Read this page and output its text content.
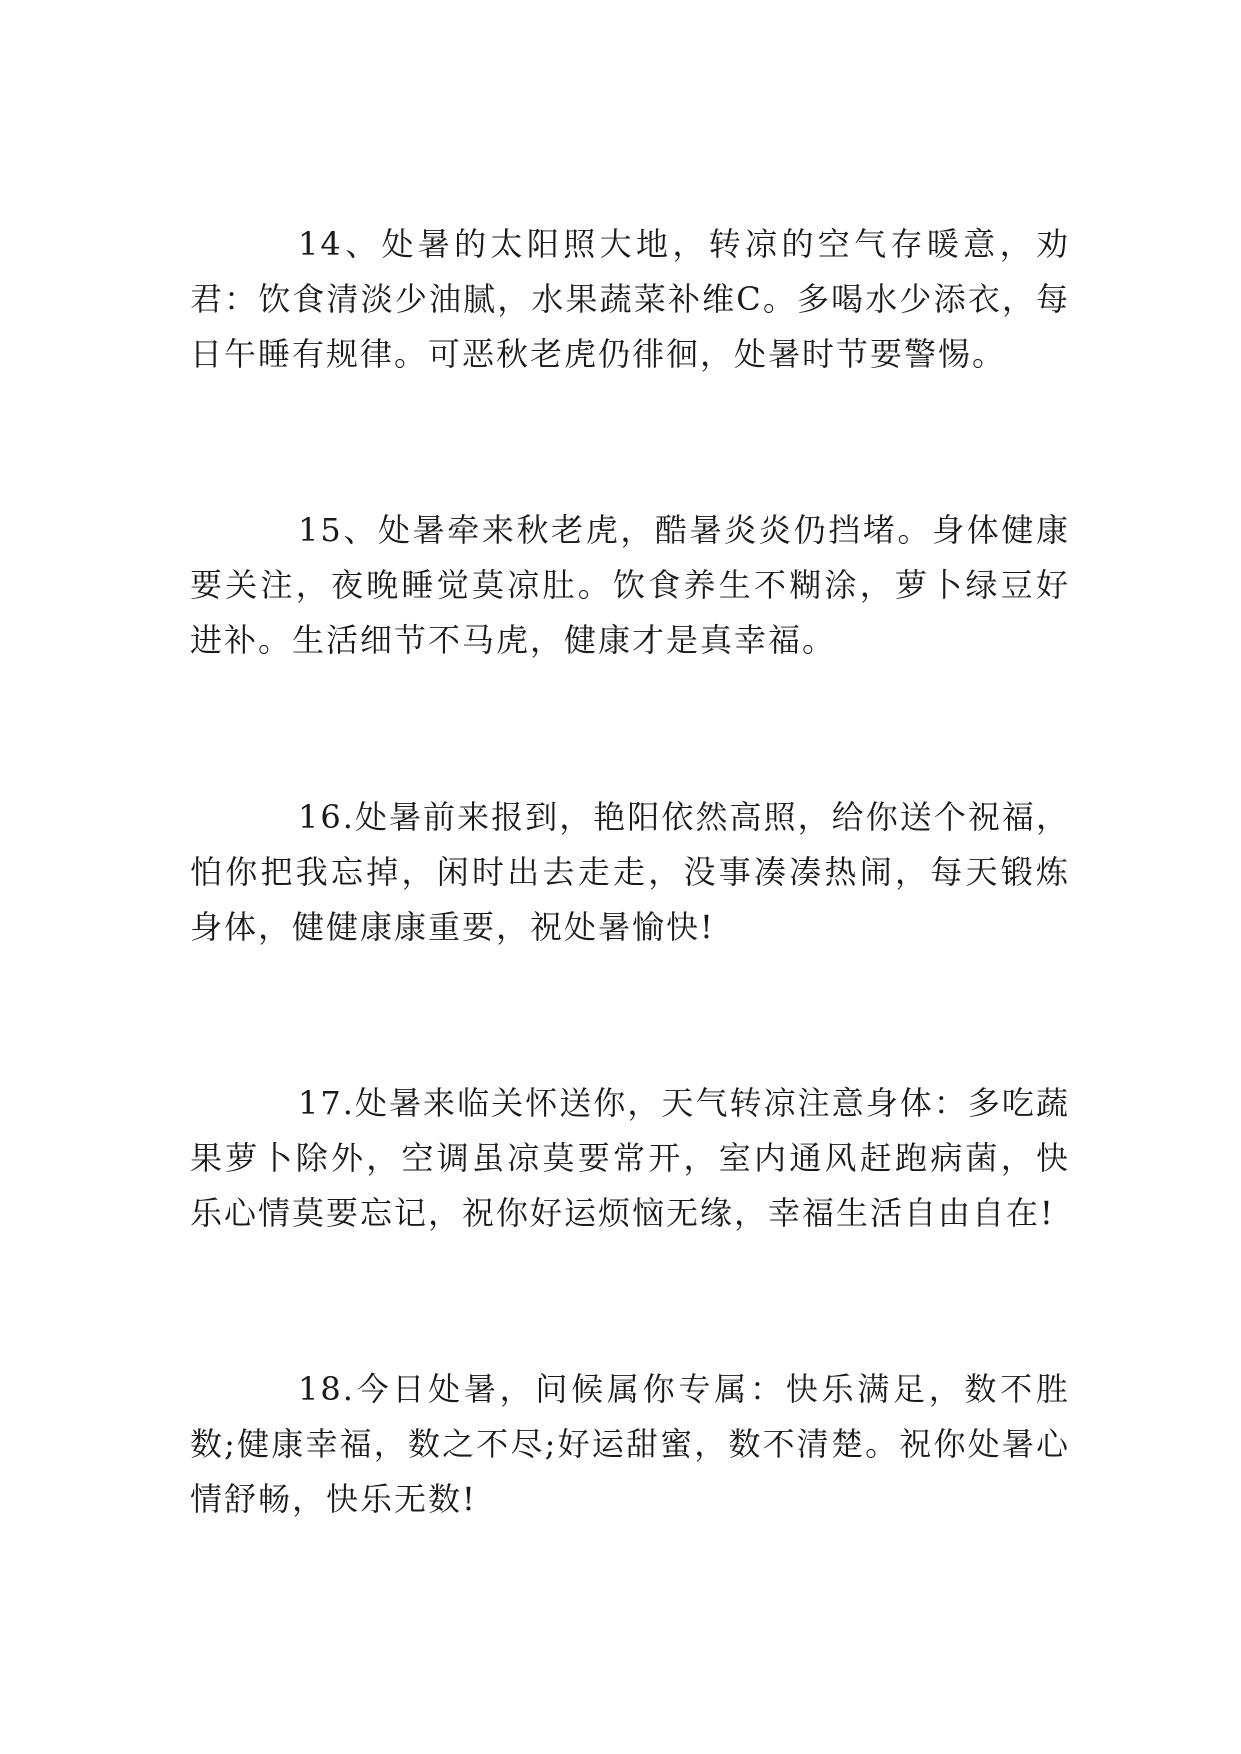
14、处暑的太阳照大地，转凉的空气存暖意，劝君：饮食清淡少油腻，水果蔬菜补维C。多喝水少添衣，每日午睡有规律。可恶秋老虎仍徘徊，处暑时节要警惕。

15、处暑牵来秋老虎，酷暑炎炎仍挡堵。身体健康要关注，夜晚睡觉莫凉肚。饮食养生不糊涂，萝卜绿豆好进补。生活细节不马虎，健康才是真幸福。

16.处暑前来报到，艳阳依然高照，给你送个祝福，怕你把我忘掉，闲时出去走走，没事凑凑热闹，每天锻炼身体，健健康康重要，祝处暑愉快!

17.处暑来临关怀送你，天气转凉注意身体：多吃蔬果萝卜除外，空调虽凉莫要常开，室内通风赶跑病菌，快乐心情莫要忘记，祝你好运烦恼无缘，幸福生活自由自在!

18.今日处暑，问候属你专属：快乐满足，数不胜数;健康幸福，数之不尽;好运甜蜜，数不清楚。祝你处暑心情舒畅，快乐无数!
